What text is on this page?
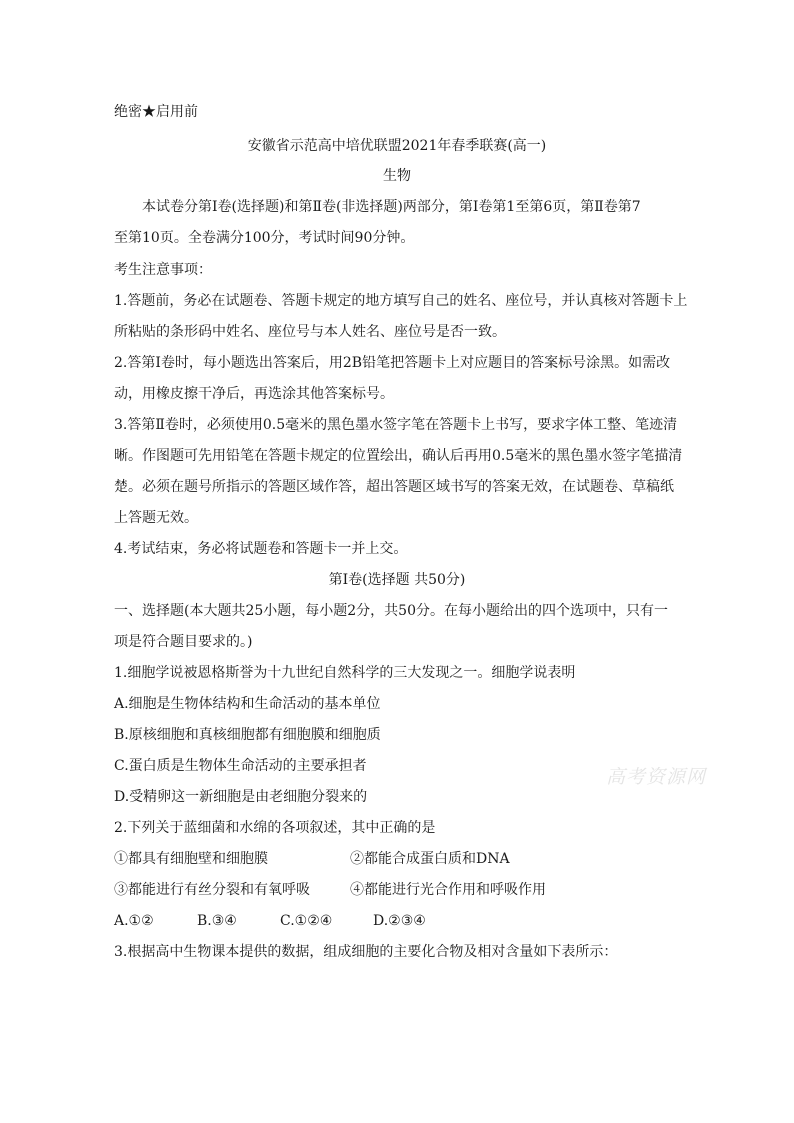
绝密★启用前
安徽省示范高中培优联盟2021年春季联赛(高一)
生物
本试卷分第Ⅰ卷(选择题)和第Ⅱ卷(非选择题)两部分，第Ⅰ卷第1至第6页，第Ⅱ卷第7
至第10页。全卷满分100分，考试时间90分钟。
考生注意事项：
1.答题前，务必在试题卷、答题卡规定的地方填写自己的姓名、座位号，并认真核对答题卡上
所粘贴的条形码中姓名、座位号与本人姓名、座位号是否一致。
2.答第Ⅰ卷时，每小题选出答案后，用2B铅笔把答题卡上对应题目的答案标号涂黑。如需改
动，用橡皮擦干净后，再选涂其他答案标号。
3.答第Ⅱ卷时，必须使用0.5毫米的黑色墨水签字笔在答题卡上书写，要求字体工整、笔迹清
晰。作图题可先用铅笔在答题卡规定的位置绘出，确认后再用0.5毫米的黑色墨水签字笔描清
楚。必须在题号所指示的答题区域作答，超出答题区域书写的答案无效，在试题卷、草稿纸
上答题无效。
4.考试结束，务必将试题卷和答题卡一并上交。
第Ⅰ卷(选择题 共50分)
一、选择题(本大题共25小题，每小题2分，共50分。在每小题给出的四个选项中，只有一
项是符合题目要求的。)
1.细胞学说被恩格斯誉为十九世纪自然科学的三大发现之一。细胞学说表明
A.细胞是生物体结构和生命活动的基本单位
B.原核细胞和真核细胞都有细胞膜和细胞质
C.蛋白质是生物体生命活动的主要承担者
D.受精卵这一新细胞是由老细胞分裂来的
高考资源网
2.下列关于蓝细菌和水绵的各项叙述，其中正确的是
①都具有细胞壁和细胞膜	②都能合成蛋白质和DNA
③都能进行有丝分裂和有氧呼吸	④都能进行光合作用和呼吸作用
A.①②	B.③④	C.①②④	D.②③④
3.根据高中生物课本提供的数据，组成细胞的主要化合物及相对含量如下表所示：
